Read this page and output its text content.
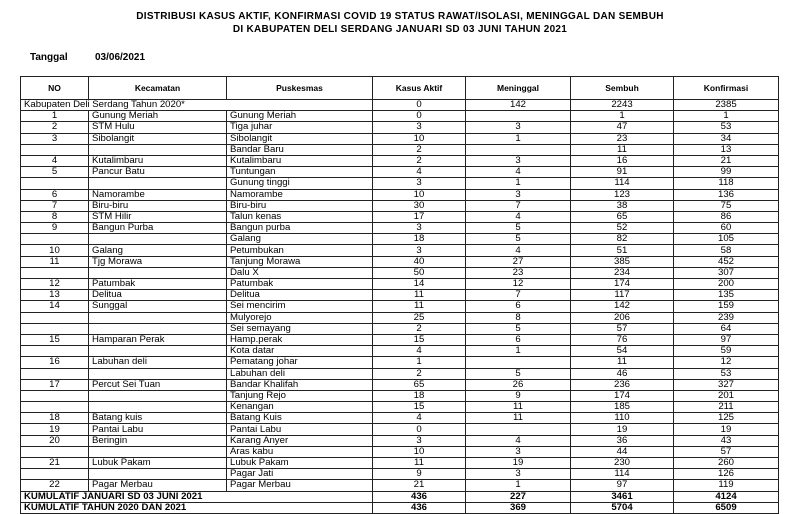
DISTRIBUSI KASUS AKTIF, KONFIRMASI COVID 19 STATUS RAWAT/ISOLASI, MENINGGAL DAN SEMBUH
DI KABUPATEN DELI SERDANG JANUARI SD 03 JUNI TAHUN 2021
Tanggal	03/06/2021
NO	Kecamatan	Puskesmas	Kasus Aktif	Meninggal	Sembuh	Konfirmasi
Kabupaten Deli Serdang Tahun 2020*			0	142	2243	2385
1	Gunung Meriah	Gunung Meriah	0		1	1
2	STM Hulu	Tiga juhar	3	3	47	53
3	Sibolangit	Sibolangit	10	1	23	34
		Bandar Baru	2		11	13
4	Kutalimbaru	Kutalimbaru	2	3	16	21
5	Pancur Batu	Tuntungan	4	4	91	99
		Gunung tinggi	3	1	114	118
6	Namorambe	Namorambe	10	3	123	136
7	Biru-biru	Biru-biru	30	7	38	75
8	STM Hilir	Talun kenas	17	4	65	86
9	Bangun Purba	Bangun purba	3	5	52	60
		Galang	18	5	82	105
10	Galang	Petumbukan	3	4	51	58
11	Tjg Morawa	Tanjung Morawa	40	27	385	452
		Dalu X	50	23	234	307
12	Patumbak	Patumbak	14	12	174	200
13	Delitua	Delitua	11	7	117	135
14	Sunggal	Sei mencirim	11	6	142	159
		Mulyorejo	25	8	206	239
		Sei semayang	2	5	57	64
15	Hamparan Perak	Hamp.perak	15	6	76	97
		Kota datar	4	1	54	59
16	Labuhan deli	Pematang johar	1		11	12
		Labuhan deli	2	5	46	53
17	Percut Sei Tuan	Bandar Khalifah	65	26	236	327
		Tanjung Rejo	18	9	174	201
		Kenangan	15	11	185	211
18	Batang kuis	Batang Kuis	4	11	110	125
19	Pantai Labu	Pantai Labu	0		19	19
20	Beringin	Karang Anyer	3	4	36	43
		Aras kabu	10	3	44	57
21	Lubuk Pakam	Lubuk Pakam	11	19	230	260
		Pagar Jati	9	3	114	126
22	Pagar Merbau	Pagar Merbau	21	1	97	119
KUMULATIF JANUARI SD 03 JUNI 2021			436	227	3461	4124
KUMULATIF TAHUN 2020 DAN 2021			436	369	5704	6509
